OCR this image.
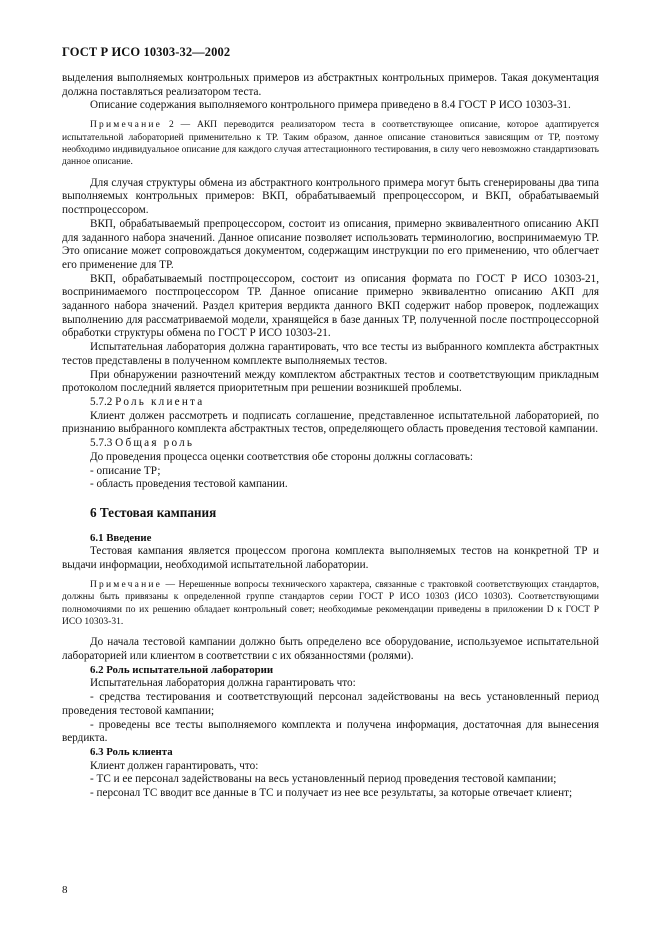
ГОСТ Р ИСО 10303-32—2002

выделения выполняемых контрольных примеров из абстрактных контрольных примеров. Такая документация должна поставляться реализатором теста.

Описание содержания выполняемого контрольного примера приведено в 8.4 ГОСТ Р ИСО 10303-31.

Примечание 2 — АКП переводится реализатором теста в соответствующее описание, которое адаптируется испытательной лабораторией применительно к ТР. Таким образом, данное описание становиться зависящим от ТР, поэтому необходимо индивидуальное описание для каждого случая аттестационного тестирования, в силу чего невозможно стандартизовать данное описание.

Для случая структуры обмена из абстрактного контрольного примера могут быть сгенерированы два типа выполняемых контрольных примеров: ВКП, обрабатываемый препроцессором, и ВКП, обрабатываемый постпроцессором.

ВКП, обрабатываемый препроцессором, состоит из описания, примерно эквивалентного описанию АКП для заданного набора значений. Данное описание позволяет использовать терминологию, воспринимаемую ТР. Это описание может сопровождаться документом, содержащим инструкции по его применению, что облегчает его применение для ТР.

ВКП, обрабатываемый постпроцессором, состоит из описания формата по ГОСТ Р ИСО 10303-21, воспринимаемого постпроцессором ТР. Данное описание примерно эквивалентно описанию АКП для заданного набора значений. Раздел критерия вердикта данного ВКП содержит набор проверок, подлежащих выполнению для рассматриваемой модели, хранящейся в базе данных ТР, полученной после постпроцессорной обработки структуры обмена по ГОСТ Р ИСО 10303-21.

Испытательная лаборатория должна гарантировать, что все тесты из выбранного комплекта абстрактных тестов представлены в полученном комплекте выполняемых тестов.

При обнаружении разночтений между комплектом абстрактных тестов и соответствующим прикладным протоколом последний является приоритетным при решении возникшей проблемы.

5.7.2 Роль клиента

Клиент должен рассмотреть и подписать соглашение, представленное испытательной лабораторией, по признанию выбранного комплекта абстрактных тестов, определяющего область проведения тестовой кампании.

5.7.3 Общая роль

До проведения процесса оценки соответствия обе стороны должны согласовать:

- описание ТР;

- область проведения тестовой кампании.

6 Тестовая кампания

6.1 Введение

Тестовая кампания является процессом прогона комплекта выполняемых тестов на конкретной ТР и выдачи информации, необходимой испытательной лаборатории.

Примечание — Нерешенные вопросы технического характера, связанные с трактовкой соответствующих стандартов, должны быть привязаны к определенной группе стандартов серии ГОСТ Р ИСО 10303 (ИСО 10303). Соответствующими полномочиями по их решению обладает контрольный совет; необходимые рекомендации приведены в приложении D к ГОСТ Р ИСО 10303-31.

До начала тестовой кампании должно быть определено все оборудование, используемое испытательной лабораторией или клиентом в соответствии с их обязанностями (ролями).

6.2 Роль испытательной лаборатории

Испытательная лаборатория должна гарантировать что:

- средства тестирования и соответствующий персонал задействованы на весь установленный период проведения тестовой кампании;

- проведены все тесты выполняемого комплекта и получена информация, достаточная для вынесения вердикта.

6.3 Роль клиента

Клиент должен гарантировать, что:

- ТС и ее персонал задействованы на весь установленный период проведения тестовой кампании;

- персонал ТС вводит все данные в ТС и получает из нее все результаты, за которые отвечает клиент;

8
